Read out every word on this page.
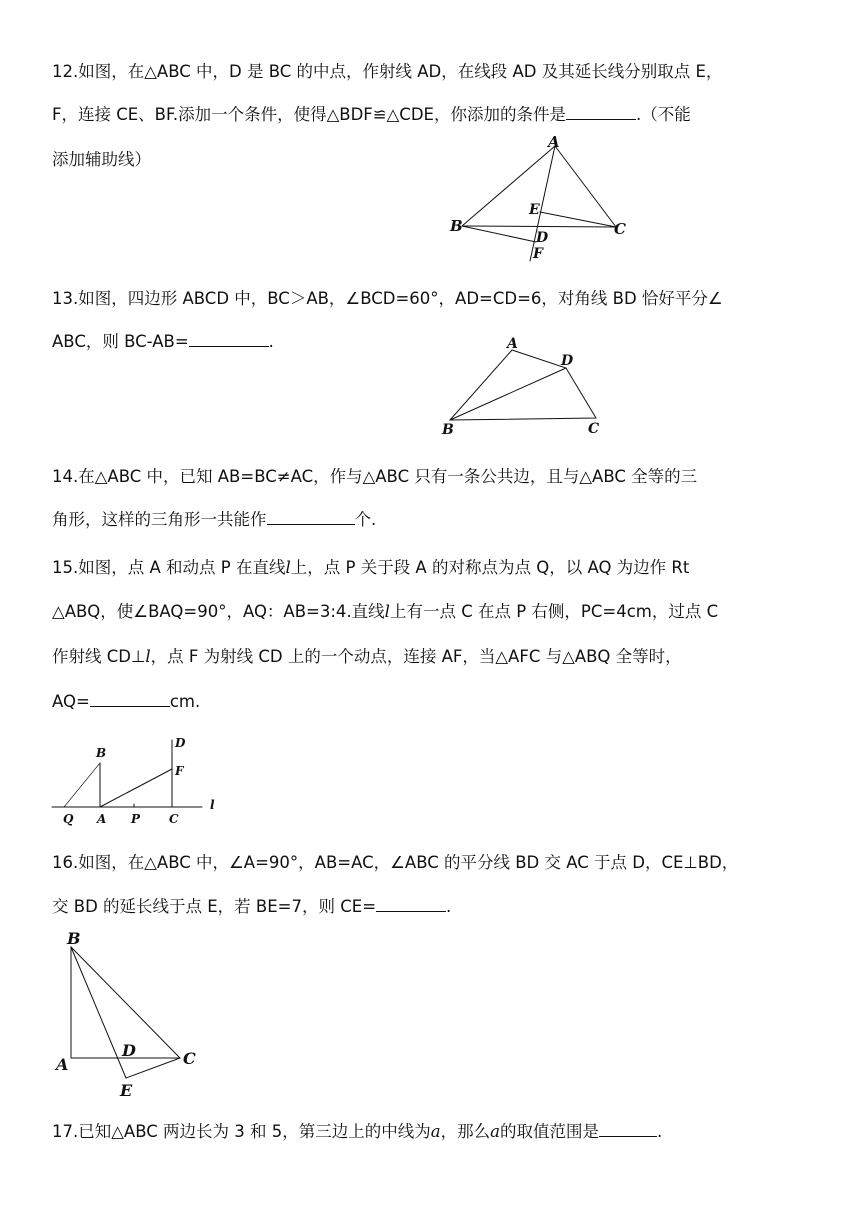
12.如图，在△ABC 中，D 是 BC 的中点，作射线 AD，在线段 AD 及其延长线分别取点 E，
F，连接 CE、BF.添加一个条件，使得△BDF≌△CDE，你添加的条件是	.（不能
添加辅助线）
A
B	C
D
E
F
13.如图，四边形 ABCD 中，BC＞AB，∠BCD=60°，AD=CD=6，对角线 BD 恰好平分∠
ABC，则 BC-AB=	.	A
D
B	C
14.在△ABC 中，已知 AB=BC≠AC，作与△ABC 只有一条公共边，且与△ABC 全等的三
角形，这样的三角形一共能作	个.
15.如图，点 A 和动点 P 在直线l上，点 P 关于段 A 的对称点为点 Q，以 AQ 为边作 Rt
△ABQ，使∠BAQ=90°，AQ：AB=3:4.直线l上有一点 C 在点 P 右侧，PC=4cm，过点 C
作射线 CD⊥l，点 F 为射线 CD 上的一个动点，连接 AF，当△AFC 与△ABQ 全等时，
AQ=	cm.
B
D
F
Q A P C
l
16.如图，在△ABC 中，∠A=90°，AB=AC，∠ABC 的平分线 BD 交 AC 于点 D，CE⊥BD，
交 BD 的延长线于点 E，若 BE=7，则 CE=	.
B
A
D	C
E
17.已知△ABC 两边长为 3 和 5，第三边上的中线为a，那么a的取值范围是	.
